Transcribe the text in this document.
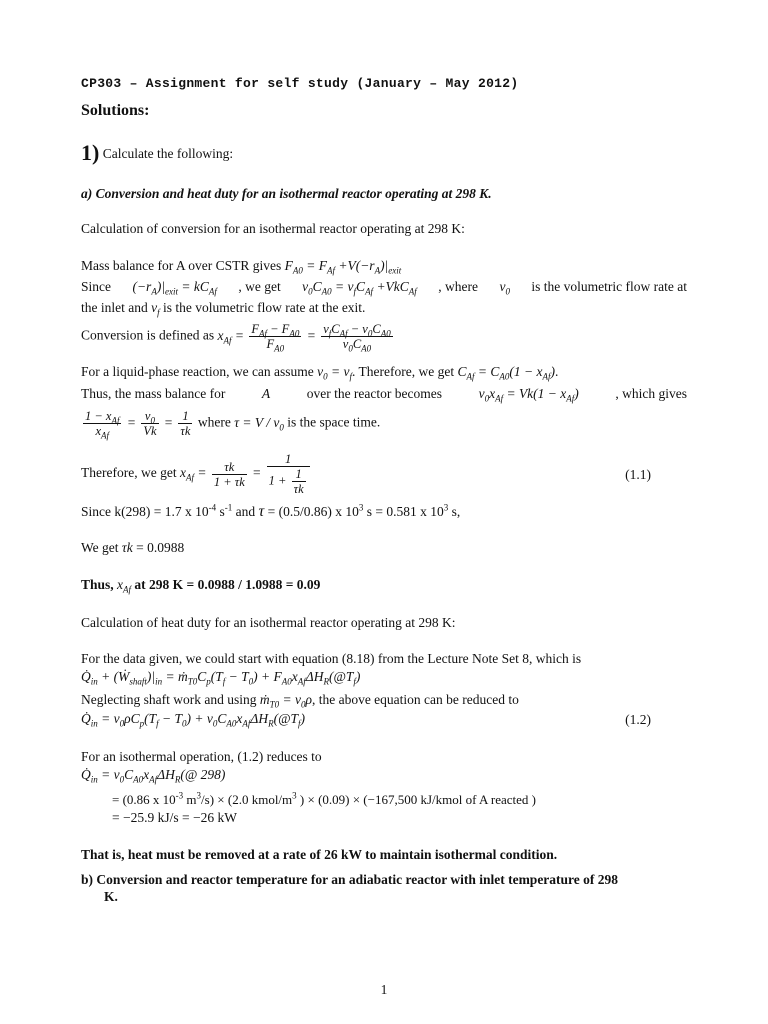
CP303 – Assignment for self study (January – May 2012)
Solutions:
1) Calculate the following:
a) Conversion and heat duty for an isothermal reactor operating at 298 K.
Calculation of conversion for an isothermal reactor operating at 298 K:
Mass balance for A over CSTR gives $F_{A0} = F_{Af} +V(-r_A)|_{exit}$
Since $(-r_A)|_{exit} = kC_{Af}$ , we get $v_0C_{A0} = v_fC_{Af} +VkC_{Af}$ , where $v_0$ is the volumetric flow rate at
the inlet and $v_f$ is the volumetric flow rate at the exit.
Conversion is defined as $x_{Af} = \frac{F_{Af} - F_{A0}}{F_{A0}} = \frac{v_fC_{Af} - v_0C_{A0}}{v_0C_{A0}}$
For a liquid-phase reaction, we can assume $v_0 = v_f$. Therefore, we get $C_{Af} = C_{A0}(1 - x_{Af})$.
Thus, the mass balance for	A	over the reactor becomes	$v_0x_{Af} = Vk(1 - x_{Af})$	, which gives
$\frac{1 - x_{Af}}{x_{Af}} = \frac{v_0}{Vk} = \frac{1}{\tau k}$ where $\tau = V / v_0$ is the space time.
Therefore, we get $x_{Af} = \frac{\tau k}{1 + \tau k} = \frac{1}{1 + \frac{1}{\tau k}}$	(1.1)
Since k(298) = 1.7 x $10^{-4}$ $s^{-1}$ and τ = (0.5/0.86) x $10^3$ s = 0.581 x $10^3$ s,
We get τk = 0.0988
Thus, $x_{Af}$ at 298 K = 0.0988 / 1.0988 = 0.09
Calculation of heat duty for an isothermal reactor operating at 298 K:
For the data given, we could start with equation (8.18) from the Lecture Note Set 8, which is
$Q̇_{in}$ + $(Ẇ_{shaft})|_{in}$ = $ṁ_{T0}C_p(T_f - T_0)$ + $F_{A0}x_{Af}\Delta H_R(@T_f)$
Neglecting shaft work and using ṁ$_{T0}$ = $v_0\rho$, the above equation can be reduced to
$Q̇_{in} = v_0\rho C_p(T_f - T_0)$ + $v_0C_{A0}x_{Af}\Delta H_R(@T_f)$	(1.2)
For an isothermal operation, (1.2) reduces to
$Q̇_{in}$ = $v_0C_{A0}x_{Af}\Delta H_R(@$ 298)
= (0.86 x $10^{-3}$ $m^3/s) \times (2.0$ kmol/$m^3$ ) × (0.09) × (−167,500 kJ/kmol of A reacted )
= −25.9 kJ/s = −26 kW
That is, heat must be removed at a rate of 26 kW to maintain isothermal condition.
b) Conversion and reactor temperature for an adiabatic reactor with inlet temperature of 298
K.
1
